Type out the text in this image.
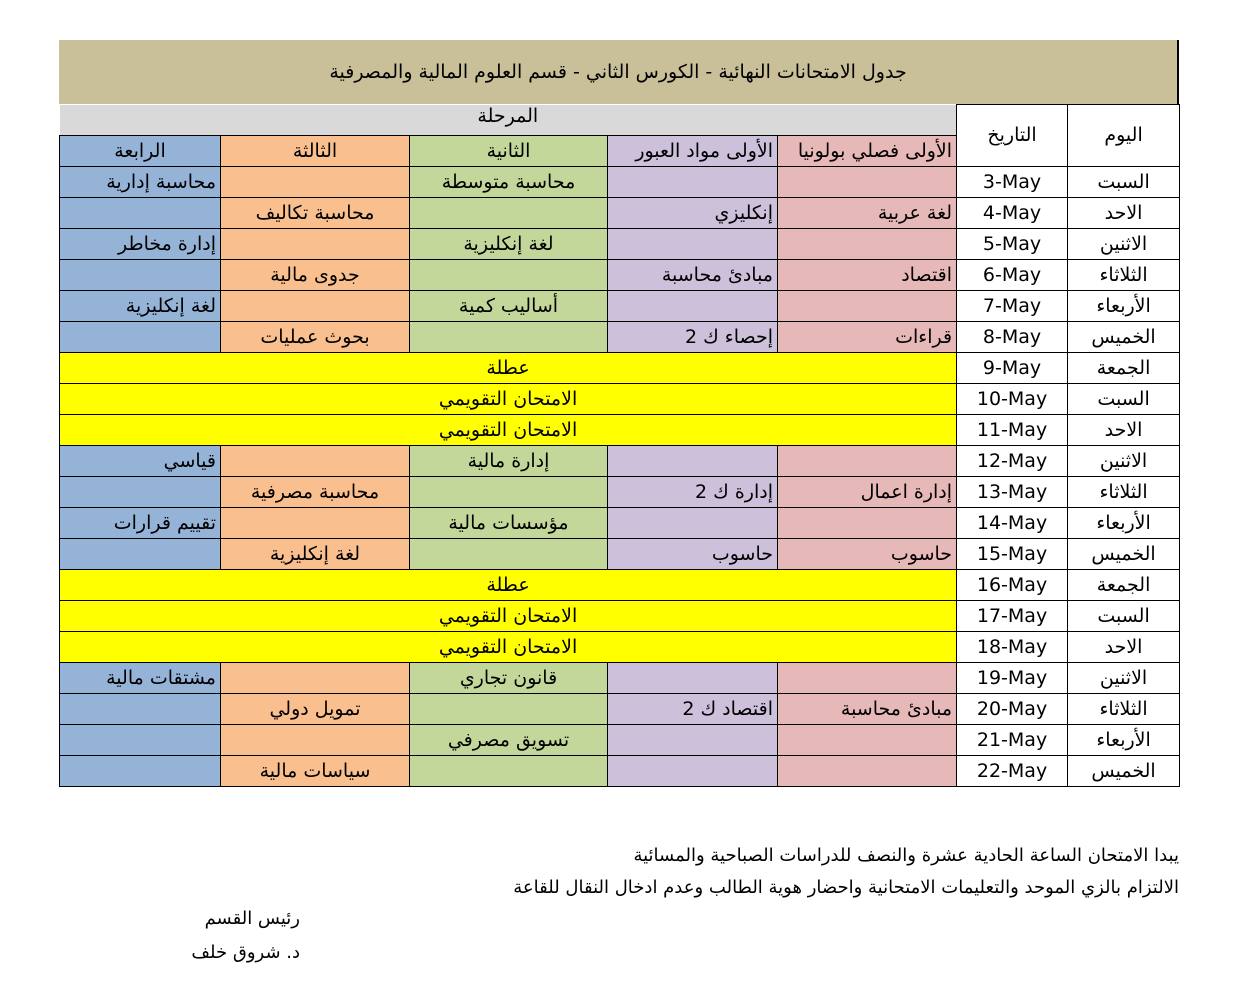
جدول الامتحانات النهائية - الكورس الثاني - قسم العلوم المالية والمصرفية
المرحلة					التاريخ	اليوم
الرابعة	الثالثة	الثانية	الأولى مواد العبور	الأولى فصلي بولونيا		
محاسبة إدارية		محاسبة متوسطة			3-May	السبت
	محاسبة تكاليف		إنكليزي	لغة عربية	4-May	الاحد
إدارة مخاطر		لغة إنكليزية			5-May	الاثنين
	جدوى مالية		مبادئ محاسبة	اقتصاد	6-May	الثلاثاء
لغة إنكليزية		أساليب كمية			7-May	الأربعاء
	بحوث عمليات		إحصاء ك 2	قراءات	8-May	الخميس
عطلة					9-May	الجمعة
الامتحان التقويمي					10-May	السبت
الامتحان التقويمي					11-May	الاحد
قياسي		إدارة مالية			12-May	الاثنين
	محاسبة مصرفية		إدارة ك 2	إدارة اعمال	13-May	الثلاثاء
تقييم قرارات		مؤسسات مالية			14-May	الأربعاء
	لغة إنكليزية		حاسوب	حاسوب	15-May	الخميس
عطلة					16-May	الجمعة
الامتحان التقويمي					17-May	السبت
الامتحان التقويمي					18-May	الاحد
مشتقات مالية		قانون تجاري			19-May	الاثنين
	تمويل دولي		اقتصاد ك 2	مبادئ محاسبة	20-May	الثلاثاء
		تسويق مصرفي			21-May	الأربعاء
	سياسات مالية				22-May	الخميس
يبدا الامتحان الساعة الحادية عشرة والنصف للدراسات الصباحية والمسائية
الالتزام بالزي الموحد والتعليمات الامتحانية واحضار هوية الطالب وعدم ادخال النقال للقاعة
رئيس القسم
د. شروق خلف
